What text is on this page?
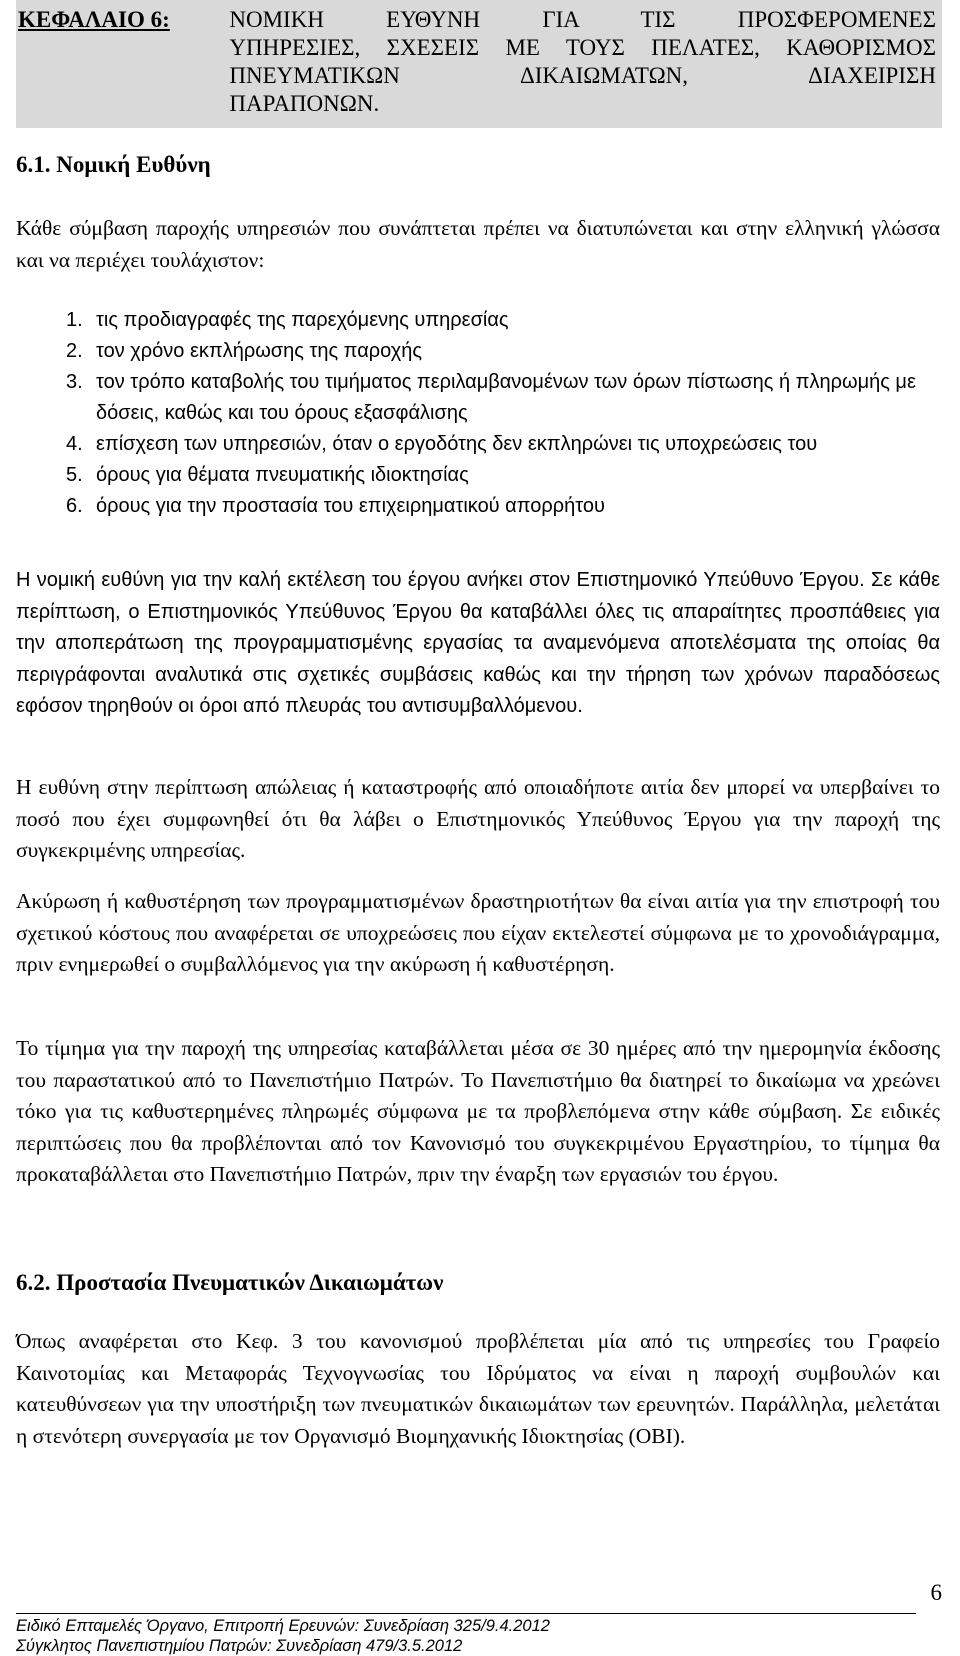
ΚΕΦΑΛΑΙΟ 6:	ΝΟΜΙΚΗ ΕΥΘΥΝΗ ΓΙΑ ΤΙΣ ΠΡΟΣΦΕΡΟΜΕΝΕΣ
ΥΠΗΡΕΣΙΕΣ, ΣΧΕΣΕΙΣ ΜΕ ΤΟΥΣ ΠΕΛΑΤΕΣ, ΚΑΘΟΡΙΣΜΟΣ
ΠΝΕΥΜΑΤΙΚΩΝ ΔΙΚΑΙΩΜΑΤΩΝ, ΔΙΑΧΕΙΡΙΣΗ
ΠΑΡΑΠΟΝΩΝ.
6.1. Νομική Ευθύνη

Κάθε σύμβαση παροχής υπηρεσιών που συνάπτεται πρέπει να διατυπώνεται και στην ελληνική γλώσσα και να περιέχει τουλάχιστον:

1. τις προδιαγραφές της παρεχόμενης υπηρεσίας
2. τον χρόνο εκπλήρωσης της παροχής
3. τον τρόπο καταβολής του τιμήματος περιλαμβανομένων των όρων πίστωσης ή πληρωμής με δόσεις, καθώς και του όρους εξασφάλισης
4. επίσχεση των υπηρεσιών, όταν ο εργοδότης δεν εκπληρώνει τις υποχρεώσεις του
5. όρους για θέματα πνευματικής ιδιοκτησίας
6. όρους για την προστασία του επιχειρηματικού απορρήτου

Η νομική ευθύνη για την καλή εκτέλεση του έργου ανήκει στον Επιστημονικό Υπεύθυνο Έργου. Σε κάθε περίπτωση, ο Επιστημονικός Υπεύθυνος Έργου θα καταβάλλει όλες τις απαραίτητες προσπάθειες για την αποπεράτωση της προγραμματισμένης εργασίας τα αναμενόμενα αποτελέσματα της οποίας θα περιγράφονται αναλυτικά στις σχετικές συμβάσεις καθώς και την τήρηση των χρόνων παραδόσεως εφόσον τηρηθούν οι όροι από πλευράς του αντισυμβαλλόμενου.

Η ευθύνη στην περίπτωση απώλειας ή καταστροφής από οποιαδήποτε αιτία δεν μπορεί να υπερβαίνει το ποσό που έχει συμφωνηθεί ότι θα λάβει ο Επιστημονικός Υπεύθυνος Έργου για την παροχή της συγκεκριμένης υπηρεσίας.

Ακύρωση ή καθυστέρηση των προγραμματισμένων δραστηριοτήτων θα είναι αιτία για την επιστροφή του σχετικού κόστους που αναφέρεται σε υποχρεώσεις που είχαν εκτελεστεί σύμφωνα με το χρονοδιάγραμμα, πριν ενημερωθεί ο συμβαλλόμενος για την ακύρωση ή καθυστέρηση.

Το τίμημα για την παροχή της υπηρεσίας καταβάλλεται μέσα σε 30 ημέρες από την ημερομηνία έκδοσης του παραστατικού από το Πανεπιστήμιο Πατρών. Το Πανεπιστήμιο θα διατηρεί το δικαίωμα να χρεώνει τόκο για τις καθυστερημένες πληρωμές σύμφωνα με τα προβλεπόμενα στην κάθε σύμβαση. Σε ειδικές περιπτώσεις που θα προβλέπονται από τον Κανονισμό του συγκεκριμένου Εργαστηρίου, το τίμημα θα προκαταβάλλεται στο Πανεπιστήμιο Πατρών, πριν την έναρξη των εργασιών του έργου.

6.2. Προστασία Πνευματικών Δικαιωμάτων

Όπως αναφέρεται στο Κεφ. 3 του κανονισμού προβλέπεται μία από τις υπηρεσίες του Γραφείο Καινοτομίας και Μεταφοράς Τεχνογνωσίας του Ιδρύματος να είναι η παροχή συμβουλών και κατευθύνσεων για την υποστήριξη των πνευματικών δικαιωμάτων των ερευνητών. Παράλληλα, μελετάται η στενότερη συνεργασία με τον Οργανισμό Βιομηχανικής Ιδιοκτησίας (ΟΒΙ).

6
Ειδικό Επταμελές Όργανο, Επιτροπή Ερευνών: Συνεδρίαση 325/9.4.2012
Σύγκλητος Πανεπιστημίου Πατρών: Συνεδρίαση 479/3.5.2012
